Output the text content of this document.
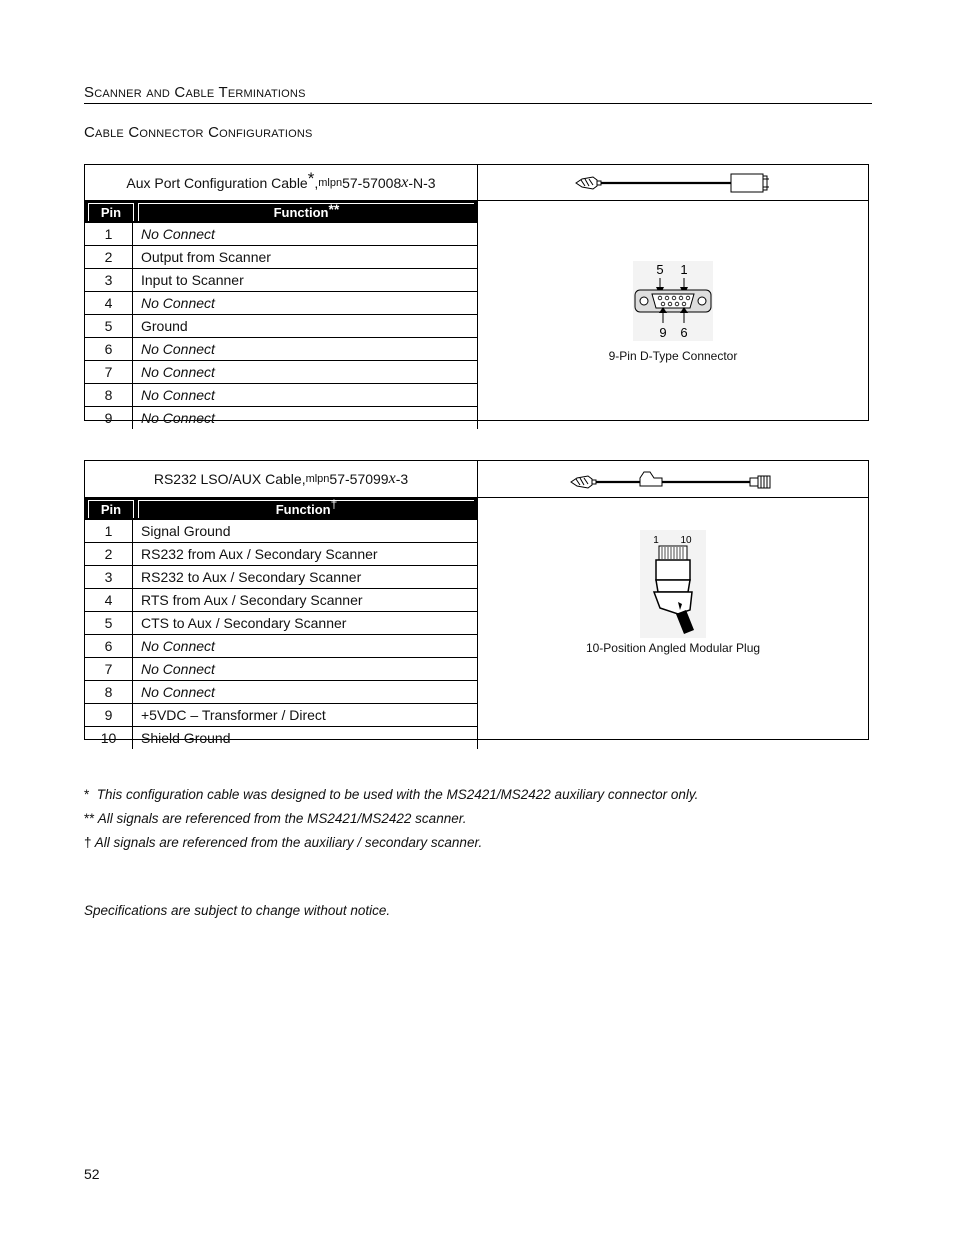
Scanner and Cable Terminations
Cable Connector Configurations
Aux Port Configuration Cable * , mlpn 57-57008 x -N-3
Pin	Function **
1	No Connect
2	Output from Scanner
3	Input to Scanner
4	No Connect
5	Ground
6	No Connect
7	No Connect
8	No Connect
9	No Connect
5 1
9 6
9-Pin D-Type Connector
RS232 LSO/AUX Cable , mlpn 57-57099 x -3
Pin	Function †
1	Signal Ground
2	RS232 from Aux / Secondary Scanner
3	RS232 to Aux / Secondary Scanner
4	RTS from Aux / Secondary Scanner
5	CTS to Aux / Secondary Scanner
6	No Connect
7	No Connect
8	No Connect
9	+5VDC – Transformer / Direct
10	Shield Ground
1 10
10-Position Angled Modular Plug
* This configuration cable was designed to be used with the MS2421/MS2422 auxiliary connector only.
** All signals are referenced from the MS2421/MS2422 scanner.
† All signals are referenced from the auxiliary / secondary scanner.
Specifications are subject to change without notice.
52
